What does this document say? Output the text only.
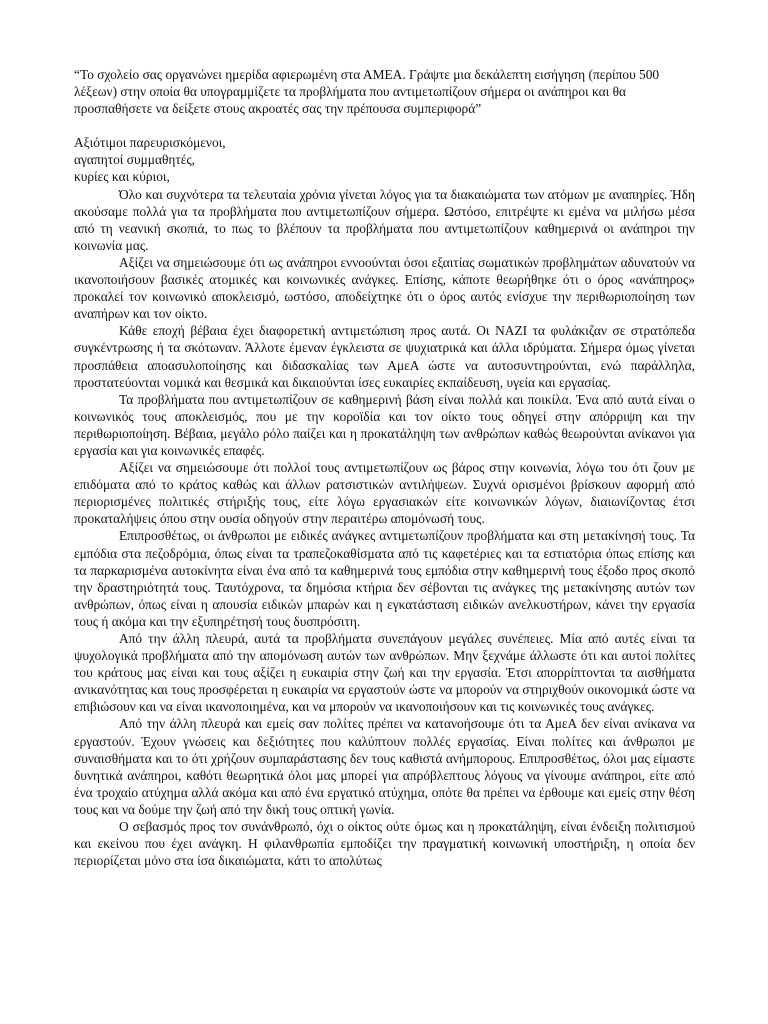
“Το σχολείο σας οργανώνει ημερίδα αφιερωμένη στα ΑΜΕΑ. Γράψτε μια δεκάλεπτη εισήγηση (περίπου 500 λέξεων) στην οποία θα υπογραμμίζετε τα προβλήματα που αντιμετωπίζουν σήμερα οι ανάπηροι και θα προσπαθήσετε να δείξετε στους ακροατές σας την πρέπουσα συμπεριφορά”

Αξιότιμοι παρευρισκόμενοι,

αγαπητοί συμμαθητές,

κυρίες και κύριοι,

Όλο και συχνότερα τα τελευταία χρόνια γίνεται λόγος για τα διακαιώματα των ατόμων με αναπηρίες. Ήδη ακούσαμε πολλά για τα προβλήματα που αντιμετωπίζουν σήμερα. Ωστόσο, επιτρέψτε κι εμένα να μιλήσω μέσα από τη νεανική σκοπιά, το πως το βλέπουν τα προβλήματα που αντιμετωπίζουν καθημερινά οι ανάπηροι την κοινωνία μας.

Αξίζει να σημειώσουμε ότι ως ανάπηροι εννοούνται όσοι εξαιτίας σωματικών προβλημάτων αδυνατούν να ικανοποιήσουν βασικές ατομικές και κοινωνικές ανάγκες. Επίσης, κάποτε θεωρήθηκε ότι ο όρος «ανάπηρος» προκαλεί τον κοινωνικό αποκλεισμό, ωστόσο, αποδείχτηκε ότι ο όρος αυτός ενίσχυε την περιθωριοποίηση των αναπήρων και τον οίκτο.

Κάθε εποχή βέβαια έχει διαφορετική αντιμετώπιση προς αυτά. Οι ΝΑΖΙ τα φυλάκιζαν σε στρατόπεδα συγκέντρωσης ή τα σκότωναν. Άλλοτε έμεναν έγκλειστα σε ψυχιατρικά και άλλα ιδρύματα. Σήμερα όμως γίνεται προσπάθεια αποασυλοποίησης και διδασκαλίας των ΑμεΑ ώστε να αυτοσυντηρούνται, ενώ παράλληλα, προστατεύονται νομικά και θεσμικά και δικαιούνται ίσες ευκαιρίες εκπαίδευση, υγεία και εργασίας.

Τα προβλήματα που αντιμετωπίζουν σε καθημερινή βάση είναι πολλά και ποικίλα. Ένα από αυτά είναι ο κοινωνικός τους αποκλεισμός, που με την κοροϊδία και τον οίκτο τους οδηγεί στην απόρριψη και την περιθωριοποίηση. Βέβαια, μεγάλο ρόλο παίζει και η προκατάληψη των ανθρώπων καθώς θεωρούνται ανίκανοι για εργασία και για κοινωνικές επαφές.

Αξίζει να σημειώσουμε ότι πολλοί τους αντιμετωπίζουν ως βάρος στην κοινωνία, λόγω του ότι ζουν με επιδόματα από το κράτος καθώς και άλλων ρατσιστικών αντιλήψεων. Συχνά ορισμένοι βρίσκουν αφορμή από περιορισμένες πολιτικές στήριξής τους, είτε λόγω εργασιακών είτε κοινωνικών λόγων, διαιωνίζοντας έτσι προκαταλήψεις όπου στην ουσία οδηγούν στην περαιτέρω απομόνωσή τους.

Επιπροσθέτως, οι άνθρωποι με ειδικές ανάγκες αντιμετωπίζουν προβλήματα και στη μετακίνησή τους. Τα εμπόδια στα πεζοδρόμια, όπως είναι τα τραπεζοκαθίσματα από τις καφετέριες και τα εστιατόρια όπως επίσης και τα παρκαρισμένα αυτοκίνητα είναι ένα από τα καθημερινά τους εμπόδια στην καθημερινή τους έξοδο προς σκοπό την δραστηριότητά τους. Ταυτόχρονα, τα δημόσια κτήρια δεν σέβονται τις ανάγκες της μετακίνησης αυτών των ανθρώπων, όπως είναι η απουσία ειδικών μπαρών και η εγκατάσταση ειδικών ανελκυστήρων, κάνει την εργασία τους ή ακόμα και την εξυπηρέτησή τους δυσπρόσιτη.

Από την άλλη πλευρά, αυτά τα προβλήματα συνεπάγουν μεγάλες συνέπειες. Μία από αυτές είναι τα ψυχολογικά προβλήματα από την απομόνωση αυτών των ανθρώπων. Μην ξεχνάμε άλλωστε ότι και αυτοί πολίτες του κράτους μας είναι και τους αξίζει η ευκαιρία στην ζωή και την εργασία. Έτσι απορρίπτονται τα αισθήματα ανικανότητας και τους προσφέρεται η ευκαιρία να εργαστούν ώστε να μπορούν να στηριχθούν οικονομικά ώστε να επιβιώσουν και να είναι ικανοποιημένα, και να μπορούν να ικανοποιήσουν και τις κοινωνικές τους ανάγκες.

Από την άλλη πλευρά και εμείς σαν πολίτες πρέπει να κατανοήσουμε ότι τα ΑμεΑ δεν είναι ανίκανα να εργαστούν. Έχουν γνώσεις και δεξιότητες που καλύπτουν πολλές εργασίας. Είναι πολίτες και άνθρωποι με συναισθήματα και το ότι χρήζουν συμπαράστασης δεν τους καθιστά ανήμπορους. Επιπροσθέτως, όλοι μας είμαστε δυνητικά ανάπηροι, καθότι θεωρητικά όλοι μας μπορεί για απρόβλεπτους λόγους να γίνουμε ανάπηροι, είτε από ένα τροχαίο ατύχημα αλλά ακόμα και από ένα εργατικό ατύχημα, οπότε θα πρέπει να έρθουμε και εμείς στην θέση τους και να δούμε την ζωή από την δική τους οπτική γωνία.

Ο σεβασμός προς τον συνάνθρωπό, όχι ο οίκτος ούτε όμως και η προκατάληψη, είναι ένδειξη πολιτισμού και εκείνου που έχει ανάγκη. Η φιλανθρωπία εμποδίζει την πραγματική κοινωνική υποστήριξη, η οποία δεν περιορίζεται μόνο στα ίσα δικαιώματα, κάτι το απολύτως
